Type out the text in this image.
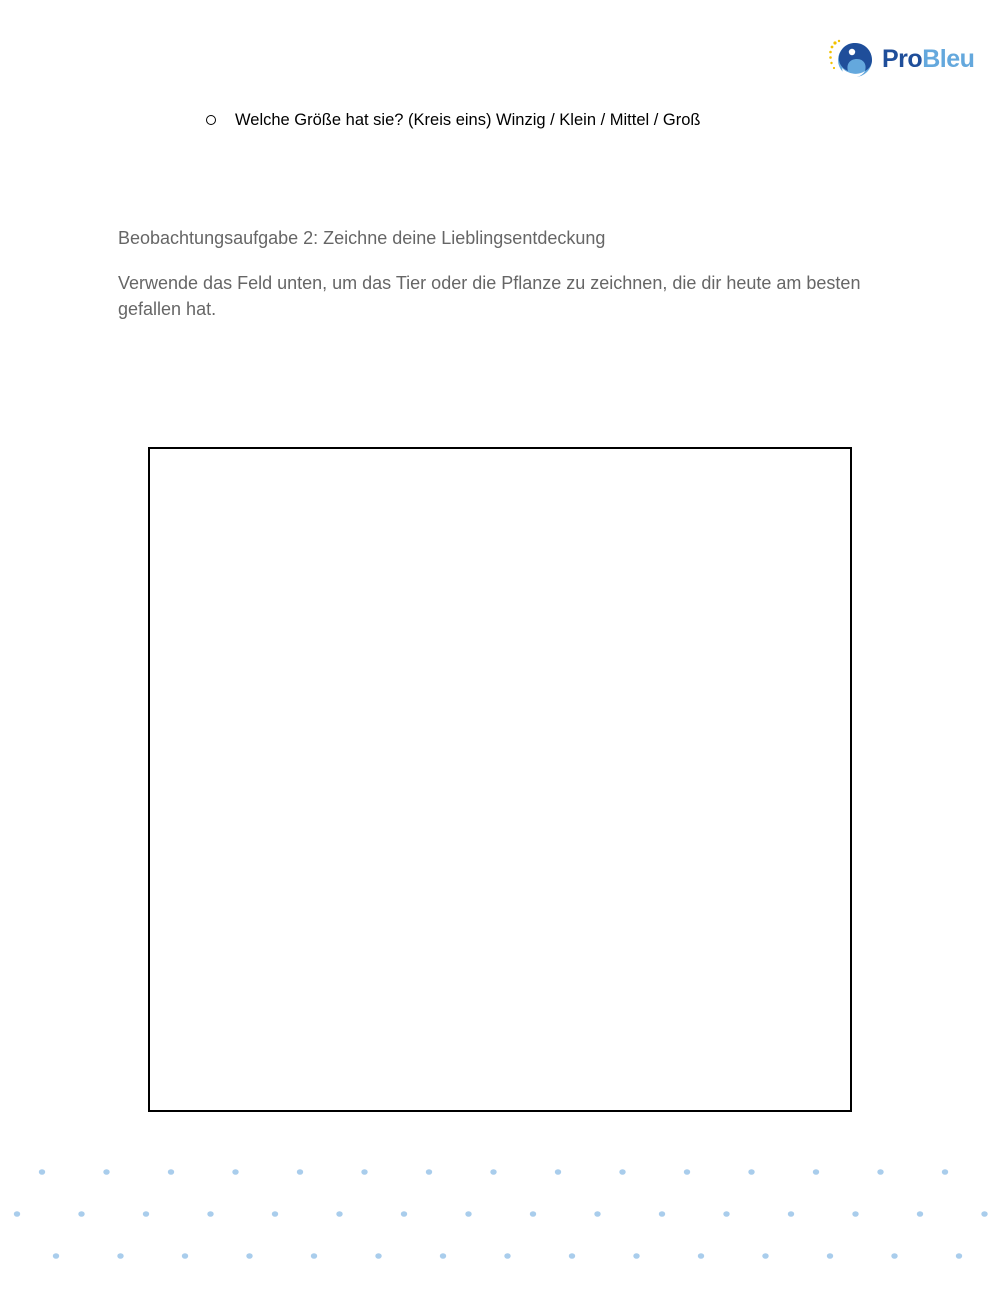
ProBleu
Welche Größe hat sie? (Kreis eins) Winzig / Klein / Mittel / Groß
Beobachtungsaufgabe 2: Zeichne deine Lieblingsentdeckung
Verwende das Feld unten, um das Tier oder die Pflanze zu zeichnen, die dir heute am besten gefallen hat.
